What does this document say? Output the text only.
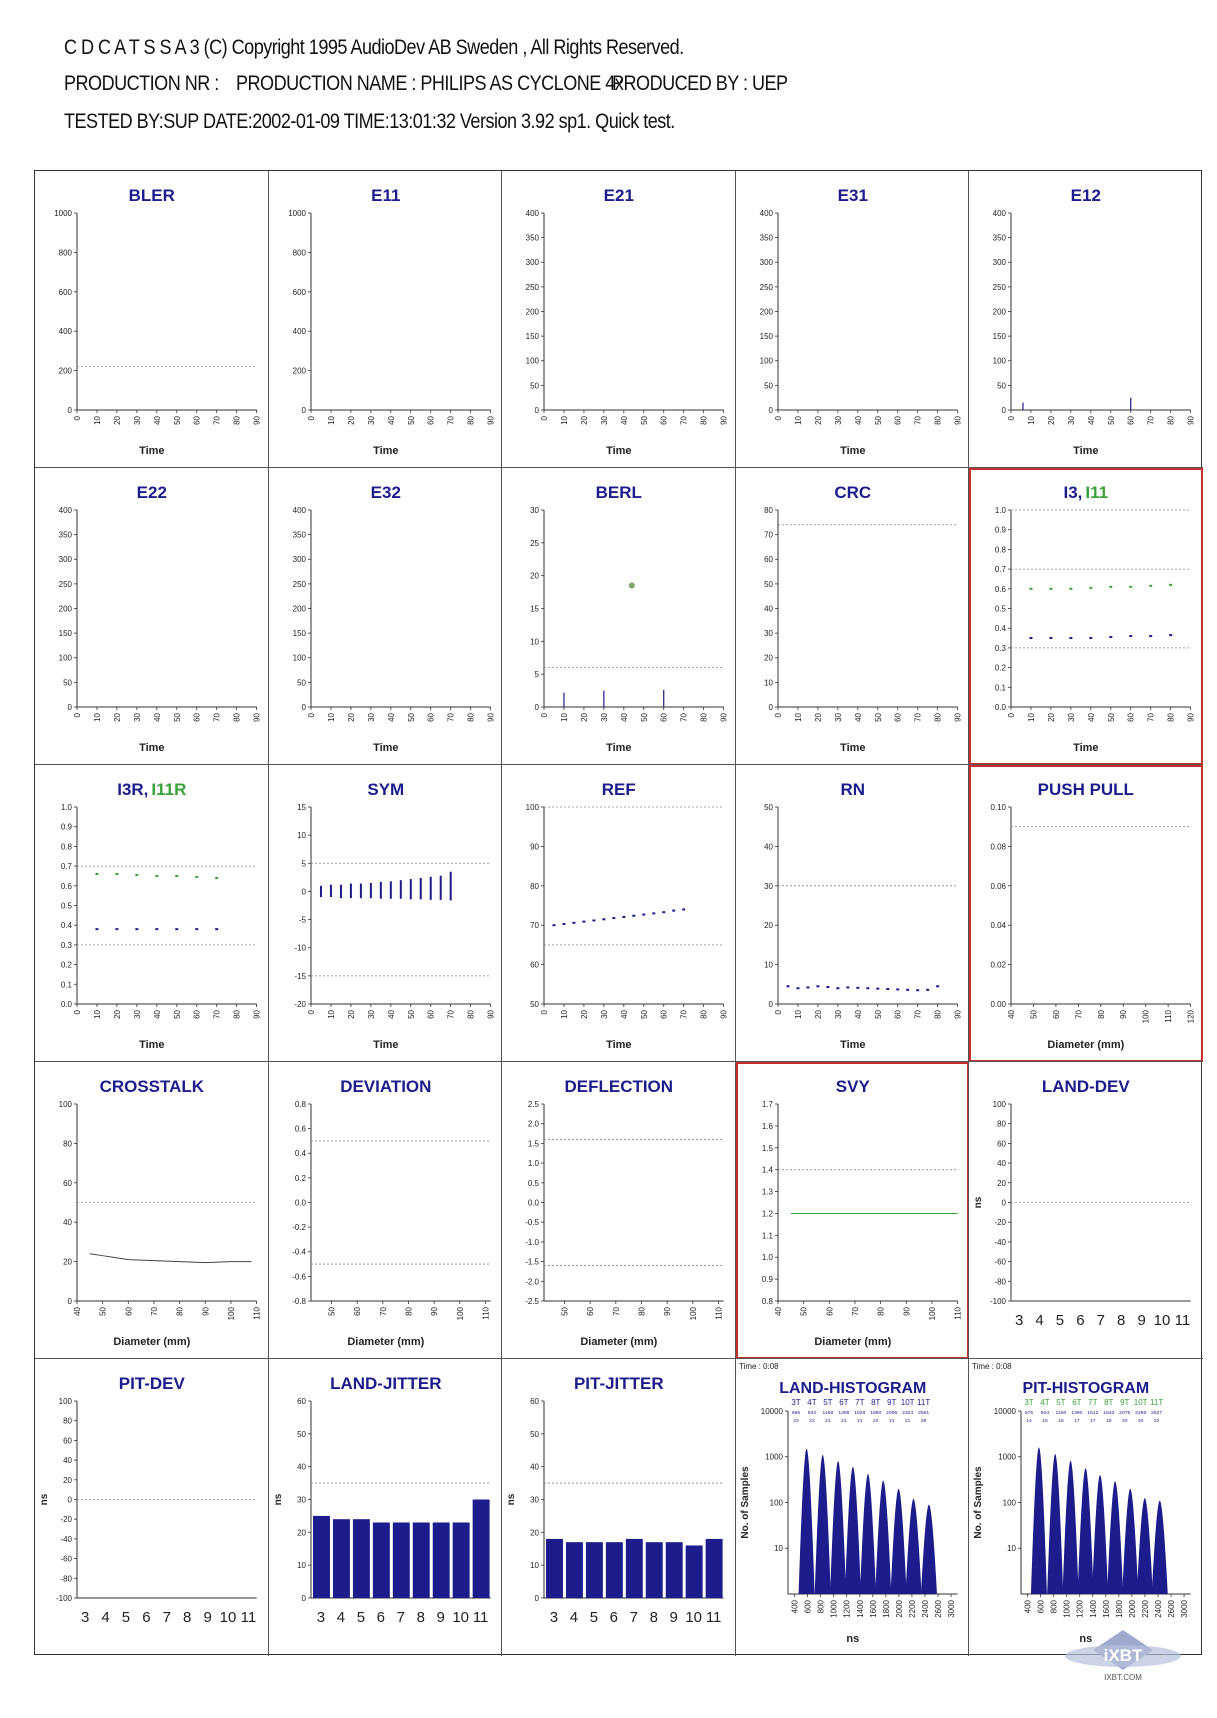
C D C A T S S A 3 (C) Copyright 1995 AudioDev AB Sweden , All Rights Reserved.
PRODUCTION NR : PRODUCTION NAME : PHILIPS AS CYCLONE 4x
PRODUCED BY : UEP
TESTED BY:SUP DATE:2002-01-09 TIME:13:01:32 Version 3.92 sp1. Quick test.
BLER
0
200
400
600
800
1000
0 10 20 30 40 50 60 70 80 90
Time
E11
0
200
400
600
800
1000
0 10 20 30 40 50 60 70 80 90
Time
E21
0
50
100
150
200
250
300
350
400
0 10 20 30 40 50 60 70 80 90
Time
E31
0
50
100
150
200
250
300
350
400
0 10 20 30 40 50 60 70 80 90
Time
E12
0
50
100
150
200
250
300
350
400
0 10 20 30 40 50 60 70 80 90
Time
E22
0
50
100
150
200
250
300
350
400
0 10 20 30 40 50 60 70 80 90
Time
E32
0
50
100
150
200
250
300
350
400
0 10 20 30 40 50 60 70 80 90
Time
BERL
0
5
10
15
20
25
30
0 10 20 30 40 50 60 70 80 90
Time
CRC
0
10
20
30
40
50
60
70
80
0 10 20 30 40 50 60 70 80 90
Time
I3, I11
0.0
0.1
0.2
0.3
0.4
0.5
0.6
0.7
0.8
0.9
1.0
0 10 20 30 40 50 60 70 80 90
Time
I3R, I11R
0.0
0.1
0.2
0.3
0.4
0.5
0.6
0.7
0.8
0.9
1.0
0 10 20 30 40 50 60 70 80 90
Time
SYM
-20
-15
-10
-5
0
5
10
15
0 10 20 30 40 50 60 70 80 90
Time
REF
50
60
70
80
90
100
0 10 20 30 40 50 60 70 80 90
Time
RN
0
10
20
30
40
50
0 10 20 30 40 50 60 70 80 90
Time
PUSH PULL
0.00
0.02
0.04
0.06
0.08
0.10
40 50 60 70 80 90 100 110 120
Diameter (mm)
CROSSTALK
0
20
40
60
80
100
40 50 60 70 80 90 100 110
Diameter (mm)
DEVIATION
-0.8
-0.6
-0.4
-0.2
0.0
0.2
0.4
0.6
0.8
50 60 70 80 90 100 110
Diameter (mm)
DEFLECTION
-2.5
-2.0
-1.5
-1.0
-0.5
0.0
0.5
1.0
1.5
2.0
2.5
50 60 70 80 90 100 110
Diameter (mm)
SVY
0.8
0.9
1.0
1.1
1.2
1.3
1.4
1.5
1.6
1.7
40 50 60 70 80 90 100 110
Diameter (mm)
LAND-DEV
-100
-80
-60
-40
-20
0
20
40
60
80
100
3 4 5 6 7 8 9 10 11
ns
PIT-DEV
-100
-80
-60
-40
-20
0
20
40
60
80
100
3 4 5 6 7 8 9 10 11
ns
LAND-JITTER
0
10
20
30
40
50
60
3 4 5 6 7 8 9 10 11
ns
PIT-JITTER
0
10
20
30
40
50
60
3 4 5 6 7 8 9 10 11
ns
LAND-HISTOGRAM
Time : 0:08
10
100
1000
10000
400 600 800 1000 1200 1400 1600 1800 2000 2200 2400 2600 3000
ns
No. of Samples
3T
685
22
4T
932
22
5T
1168
21
6T
1395
21
7T
1626
21
8T
1860
22
9T
2095
21
10T
2324
21
11T
2561
28
PIT-HISTOGRAM
Time : 0:08
10
100
1000
10000
400 600 800 1000 1200 1400 1600 1800 2000 2200 2400 2600 3000
ns
No. of Samples
3T
675
14
4T
924
15
5T
1160
15
6T
1390
17
7T
1612
17
8T
1843
19
9T
2075
20
10T
2298
20
11T
2527
22
iXBT
IXBT.COM
